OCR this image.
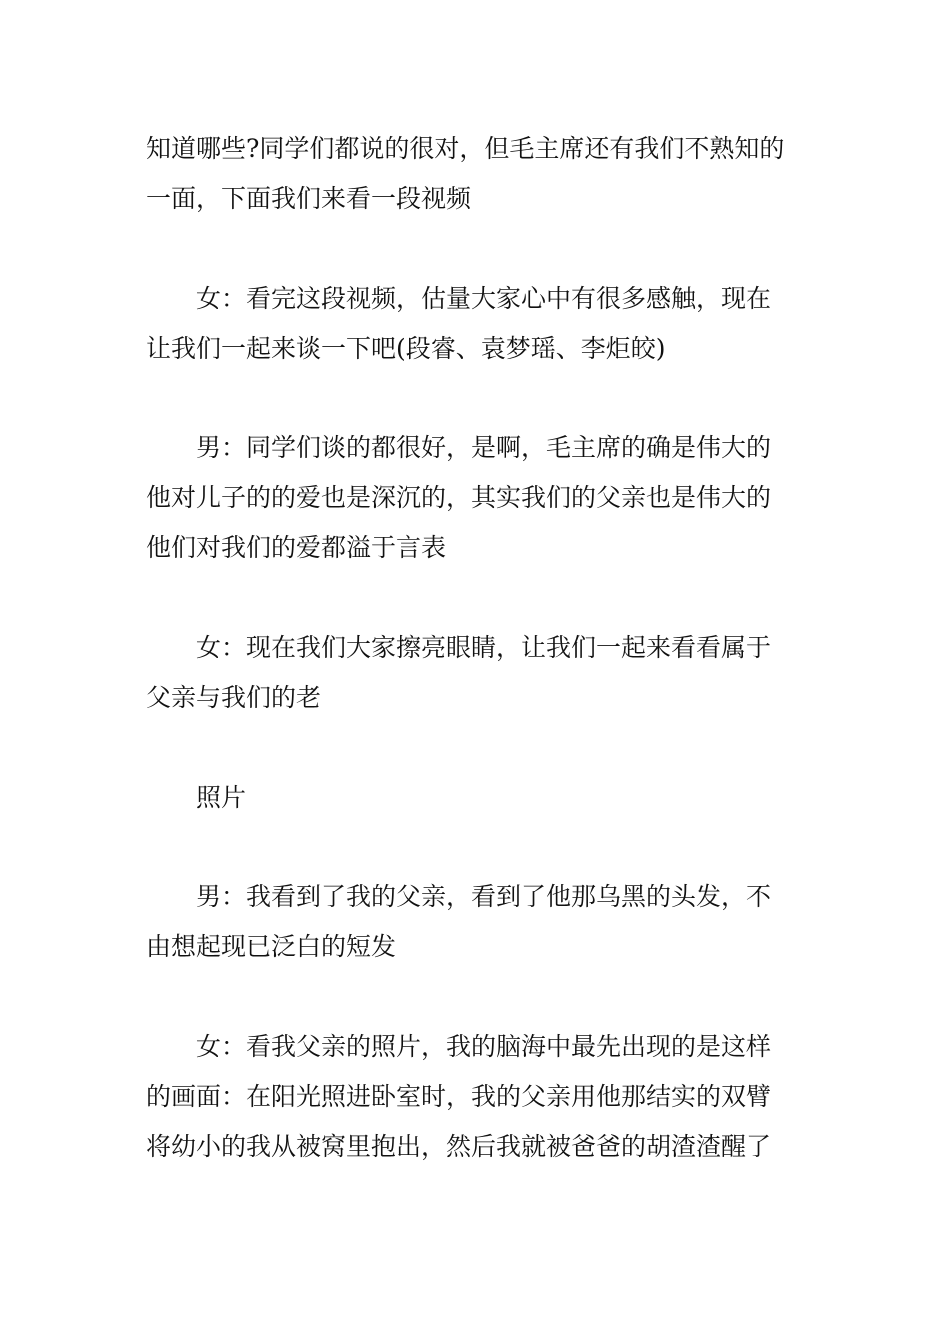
知道哪些?同学们都说的很对，但毛主席还有我们不熟知的

一面，下面我们来看一段视频

女：看完这段视频，估量大家心中有很多感触，现在

让我们一起来谈一下吧(段睿、袁梦瑶、李炬皎)

男：同学们谈的都很好，是啊，毛主席的确是伟大的

他对儿子的的爱也是深沉的，其实我们的父亲也是伟大的

他们对我们的爱都溢于言表

女：现在我们大家擦亮眼睛，让我们一起来看看属于

父亲与我们的老

照片

男：我看到了我的父亲，看到了他那乌黑的头发，不

由想起现已泛白的短发

女：看我父亲的照片，我的脑海中最先出现的是这样

的画面：在阳光照进卧室时，我的父亲用他那结实的双臂

将幼小的我从被窝里抱出，然后我就被爸爸的胡渣渣醒了
